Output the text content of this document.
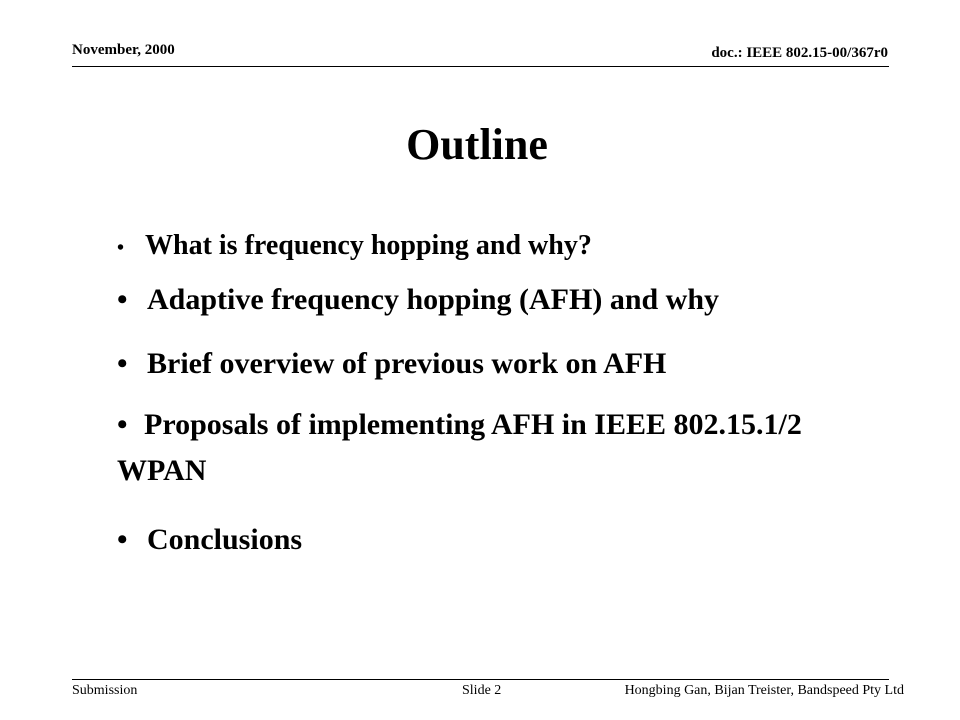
November, 2000	doc.: IEEE 802.15-00/367r0
Outline
• What is frequency hopping and why?
• Adaptive frequency hopping (AFH) and why
• Brief overview of previous work on AFH
• Proposals of implementing AFH in IEEE 802.15.1/2 WPAN
• Conclusions
Submission	Slide 2	Hongbing Gan, Bijan Treister, Bandspeed Pty Ltd
